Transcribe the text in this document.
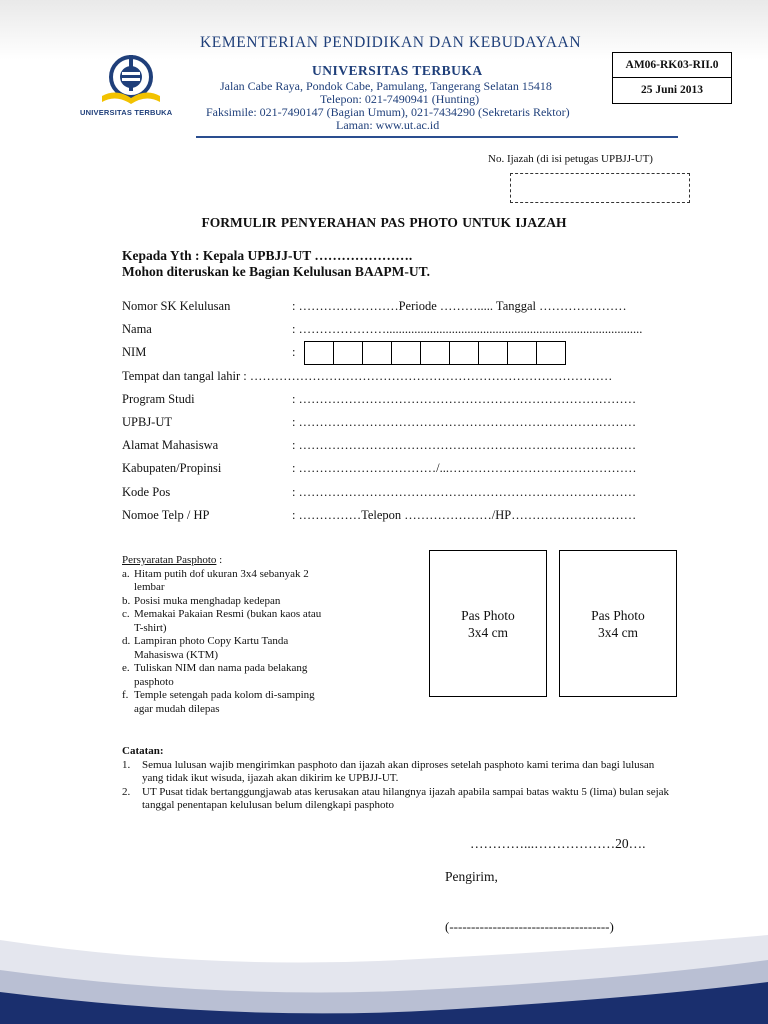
UNIVERSITAS TERBUKA
KEMENTERIAN PENDIDIKAN DAN KEBUDAYAAN
UNIVERSITAS TERBUKA
Jalan Cabe Raya, Pondok Cabe, Pamulang, Tangerang Selatan 15418
Telepon: 021-7490941 (Hunting)
Faksimile: 021-7490147 (Bagian Umum), 021-7434290 (Sekretaris Rektor)
Laman: www.ut.ac.id
AM06-RK03-RII.0
25 Juni 2013
No. Ijazah (di isi petugas UPBJJ-UT)
FORMULIR PENYERAHAN PAS PHOTO UNTUK IJAZAH
Kepada Yth : Kepala UPBJJ-UT ………………….
Mohon diteruskan ke Bagian Kelulusan BAAPM-UT.
Nomor SK Kelulusan	: ……………………Periode ………..... Tanggal …………………
Nama	: …………………..................................................................................
NIM	:
Tempat dan tangal lahir : ……………………………………………………………………………
Program Studi	: ………………………………………………………………………
UPBJ-UT	: ………………………………………………………………………
Alamat Mahasiswa	: ………………………………………………………………………
Kabupaten/Propinsi	: ……………………………/...………………………………………
Kode Pos	: ………………………………………………………………………
Nomoe Telp / HP	: ……………Telepon …………………/HP…………………………
Persyaratan Pasphoto :
a. Hitam putih dof ukuran 3x4 sebanyak 2 lembar
b. Posisi muka menghadap kedepan
c. Memakai Pakaian Resmi (bukan kaos atau T-shirt)
d. Lampiran photo Copy Kartu Tanda Mahasiswa (KTM)
e. Tuliskan NIM dan nama pada belakang pasphoto
f. Temple setengah pada kolom di-samping agar mudah dilepas
Pas Photo
3x4 cm
Pas Photo
3x4 cm
Catatan:
1. Semua lulusan wajib mengirimkan pasphoto dan ijazah akan diproses setelah pasphoto kami terima dan bagi lulusan yang tidak ikut wisuda, ijazah akan dikirim ke UPBJJ-UT.
2. UT Pusat tidak bertanggungjawab atas kerusakan atau hilangnya ijazah apabila sampai batas waktu 5 (lima) bulan sejak tanggal penentapan kelulusan belum dilengkapi pasphoto
…………...………………20….
Pengirim,
(-------------------------------------)
